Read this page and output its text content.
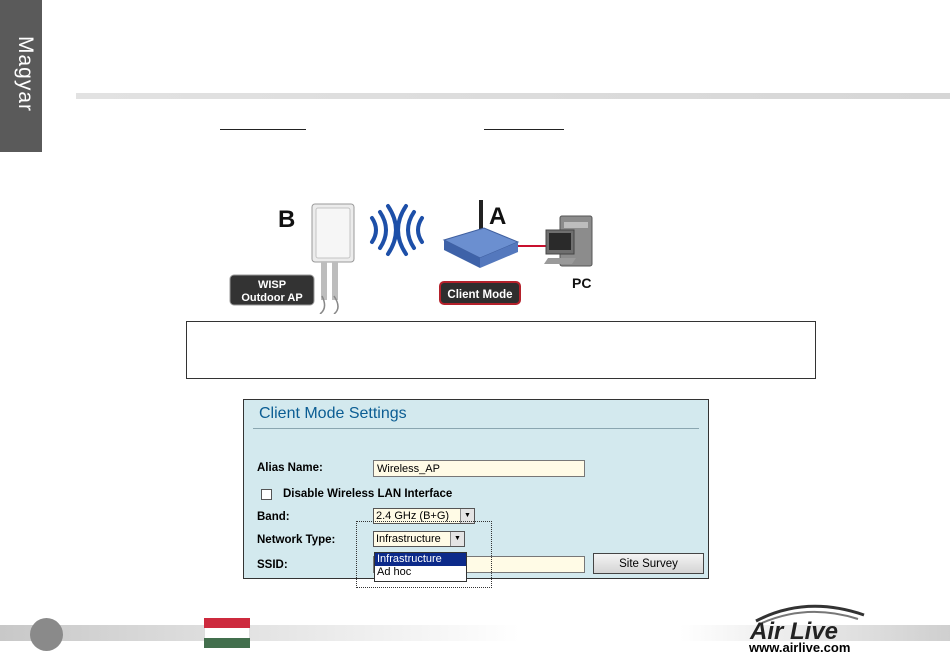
Magyar
B	A
PC
WISP
Outdoor AP	Client Mode
Client Mode Settings
Alias Name:	Wireless_AP
Disable Wireless LAN Interface
Band:	2.4 GHz (B+G)	▼
Network Type:	Infrastructure	▼
SSID:	Infrastructure
Ad hoc
Site Survey
Air Live
www.airlive.com
